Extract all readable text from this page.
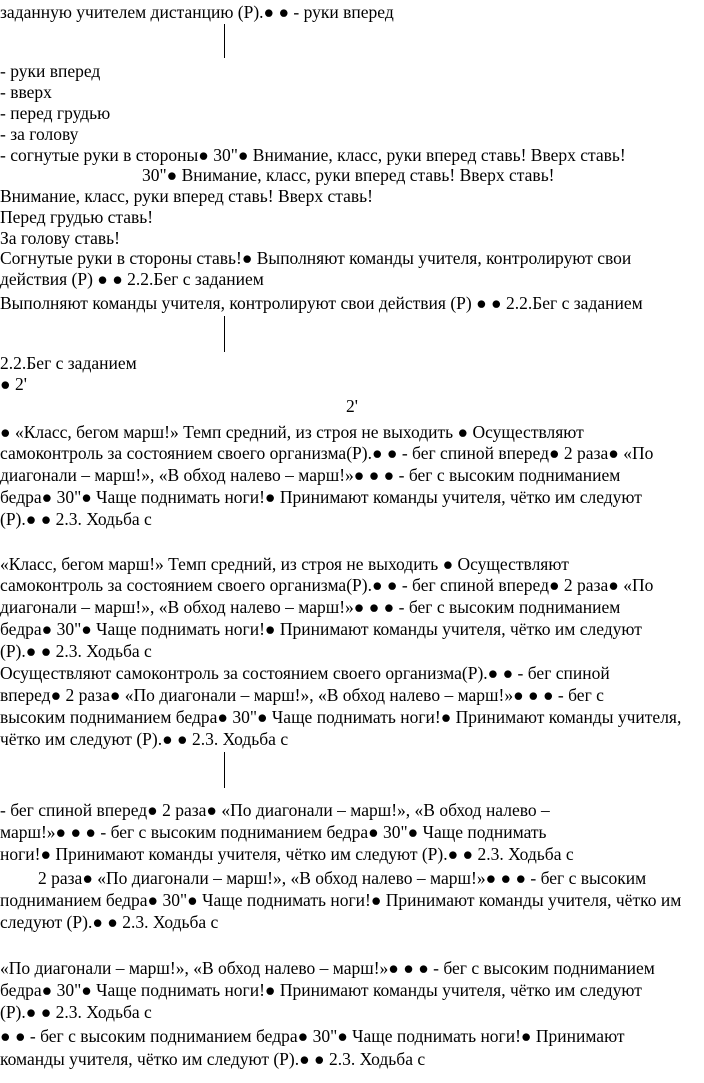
заданную учителем дистанцию (Р).● ● - руки вперед
- руки вперед
- вверх
- перед грудью
- за голову
- согнутые руки в стороны● 30"● Внимание, класс, руки вперед ставь! Вверх ставь!
30"● Внимание, класс, руки вперед ставь! Вверх ставь!
Внимание, класс, руки вперед ставь! Вверх ставь!
Перед грудью ставь!
За голову ставь!
Согнутые руки в стороны ставь!● Выполняют команды учителя, контролируют свои
действия (Р) ● ● 2.2.Бег с заданием
Выполняют команды учителя, контролируют свои действия (Р) ● ● 2.2.Бег с заданием
2.2.Бег с заданием
● 2'
2'
● «Класс, бегом марш!» Темп средний, из строя не выходить ● Осуществляют
самоконтроль за состоянием своего организма(Р).● ● - бег спиной вперед● 2 раза● «По
диагонали – марш!», «В обход налево – марш!»● ● ● - бег с высоким подниманием
бедра● 30"● Чаще поднимать ноги!● Принимают команды учителя, чётко им следуют
(Р).● ● 2.3. Ходьба с
«Класс, бегом марш!» Темп средний, из строя не выходить ● Осуществляют
самоконтроль за состоянием своего организма(Р).● ● - бег спиной вперед● 2 раза● «По
диагонали – марш!», «В обход налево – марш!»● ● ● - бег с высоким подниманием
бедра● 30"● Чаще поднимать ноги!● Принимают команды учителя, чётко им следуют
(Р).● ● 2.3. Ходьба с
Осуществляют самоконтроль за состоянием своего организма(Р).● ● - бег спиной
вперед● 2 раза● «По диагонали – марш!», «В обход налево – марш!»● ● ● - бег с
высоким подниманием бедра● 30"● Чаще поднимать ноги!● Принимают команды учителя,
чётко им следуют (Р).● ● 2.3. Ходьба с
- бег спиной вперед● 2 раза● «По диагонали – марш!», «В обход налево –
марш!»● ● ● - бег с высоким подниманием бедра● 30"● Чаще поднимать
ноги!● Принимают команды учителя, чётко им следуют (Р).● ● 2.3. Ходьба с
2 раза● «По диагонали – марш!», «В обход налево – марш!»● ● ● - бег с высоким
подниманием бедра● 30"● Чаще поднимать ноги!● Принимают команды учителя, чётко им
следуют (Р).● ● 2.3. Ходьба с
«По диагонали – марш!», «В обход налево – марш!»● ● ● - бег с высоким подниманием
бедра● 30"● Чаще поднимать ноги!● Принимают команды учителя, чётко им следуют
(Р).● ● 2.3. Ходьба с
● ● - бег с высоким подниманием бедра● 30"● Чаще поднимать ноги!● Принимают
команды учителя, чётко им следуют (Р).● ● 2.3. Ходьба с
